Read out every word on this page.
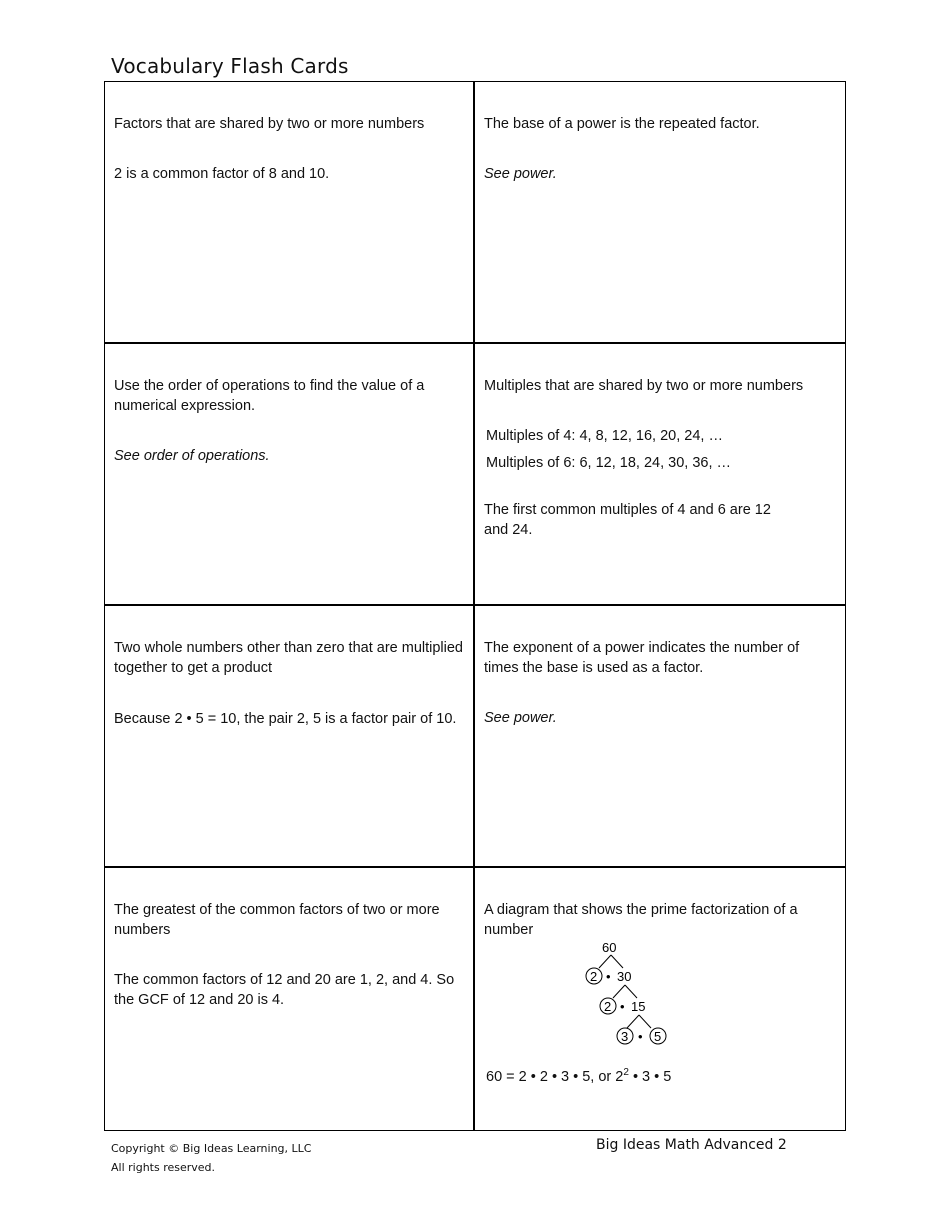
Vocabulary Flash Cards

Factors that are shared by two or more numbers

2 is a common factor of 8 and 10.

The base of a power is the repeated factor.

See power.

Use the order of operations to find the value of a numerical expression.

See order of operations.

Multiples that are shared by two or more numbers

Multiples of 4: 4, 8, 12, 16, 20, 24, …

Multiples of 6: 6, 12, 18, 24, 30, 36, …

The first common multiples of 4 and 6 are 12 and 24.

Two whole numbers other than zero that are multiplied together to get a product

Because 2 • 5 = 10, the pair 2, 5 is a factor pair of 10.

The exponent of a power indicates the number of times the base is used as a factor.

See power.

The greatest of the common factors of two or more numbers

The common factors of 12 and 20 are 1, 2, and 4. So the GCF of 12 and 20 is 4.

A diagram that shows the prime factorization of a number

60
2 • 30
2 • 15
3 • 5
60 = 2 • 2 • 3 • 5, or $2^2$ • 3 • 5
Copyright © Big Ideas Learning, LLC
All rights reserved.
Big Ideas Math Advanced 2
